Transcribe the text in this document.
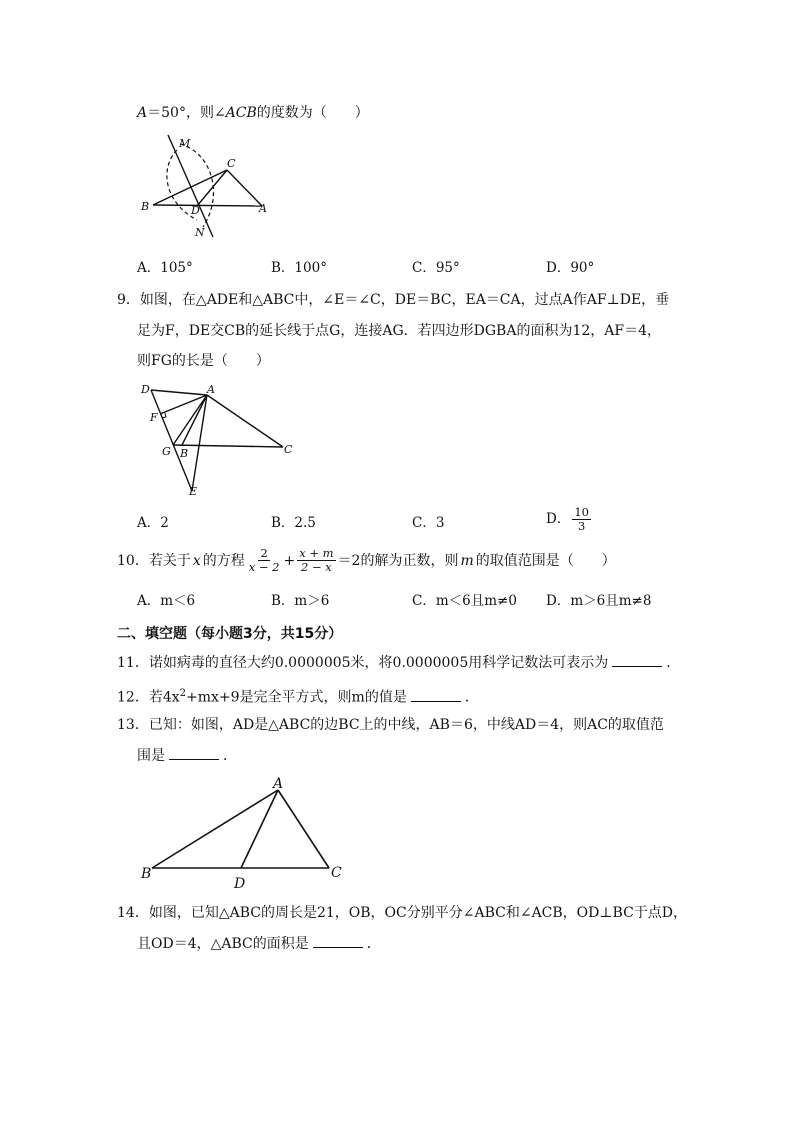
A＝50°，则∠ACB的度数为（　　）
M
C
B	D	A
N
A．105°	B．100°	C．95°	D．90°
9．如图，在△ADE和△ABC中，∠E＝∠C，DE＝BC，EA＝CA，过点A作AF⊥DE，垂
足为F，DE交CB的延长线于点G，连接AG．若四边形DGBA的面积为12，AF＝4，
则FG的长是（　　）
D	A
F
G B	C
E
A．2	B．2.5	C．3	D． $\frac{10}{3}$
10． 若关于 x 的方程 $\frac{2}{x - 2} + \frac{x + m}{2 - x} =2$的解为正数，则 m 的取值范围是（　　）
A．m＜6	B．m＞6	C．m＜6且m≠0 D．m＞6且m≠8
二、填空题（每小题3分，共15分）
11．诺如病毒的直径大约0.0000005米，将0.0000005用科学记数法可表示为	．
12．若$4x^2+mx+9$是完全平方式，则m的值是	．
13．已知：如图，AD是△ABC的边BC上的中线，AB＝6，中线AD＝4，则AC的取值范
围是	．
A
B
D
C
14．如图，已知△ABC的周长是21，OB，OC分别平分∠ABC和∠ACB，OD⊥BC于点D，
且OD＝4，△ABC的面积是	．
